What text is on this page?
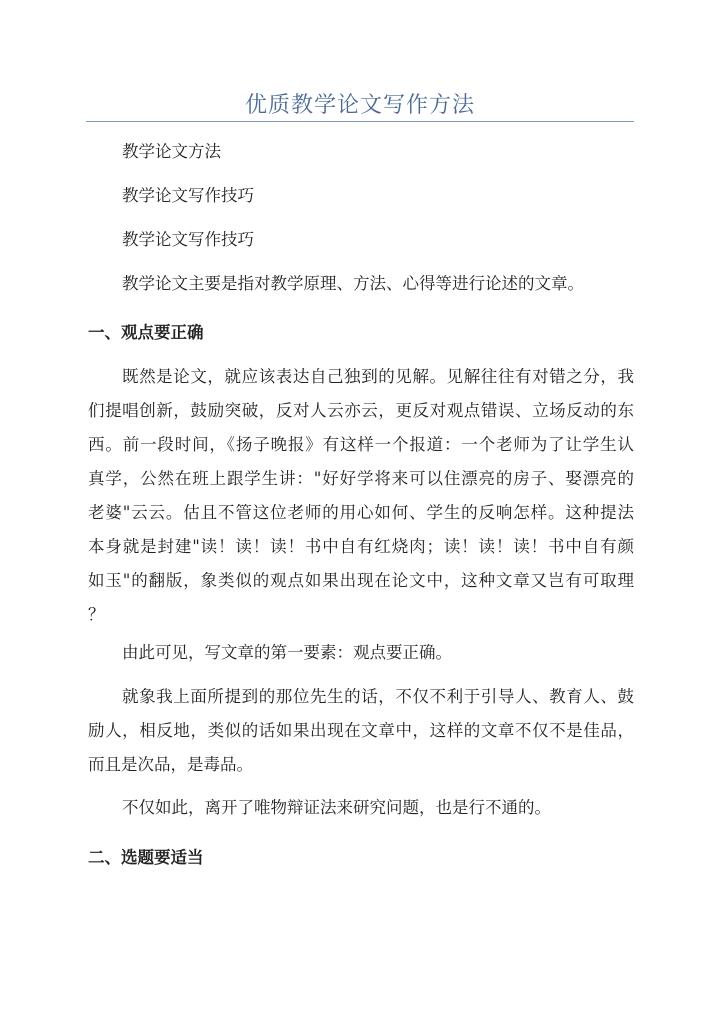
优质教学论文写作方法
教学论文方法
教学论文写作技巧
教学论文写作技巧
教学论文主要是指对教学原理、方法、心得等进行论述的文章。
一、观点要正确
既然是论文，就应该表达自己独到的见解。见解往往有对错之分，我
们提唱创新，鼓励突破，反对人云亦云，更反对观点错误、立场反动的东
西。前一段时间，《扬子晚报》有这样一个报道：一个老师为了让学生认
真学，公然在班上跟学生讲："好好学将来可以住漂亮的房子、娶漂亮的
老婆"云云。估且不管这位老师的用心如何、学生的反响怎样。这种提法
本身就是封建"读！读！读！书中自有红烧肉；读！读！读！书中自有颜
如玉"的翻版，象类似的观点如果出现在论文中，这种文章又岂有可取理
？
由此可见，写文章的第一要素：观点要正确。
就象我上面所提到的那位先生的话，不仅不利于引导人、教育人、鼓
励人，相反地，类似的话如果出现在文章中，这样的文章不仅不是佳品，
而且是次品，是毒品。
不仅如此，离开了唯物辩证法来研究问题，也是行不通的。
二、选题要适当
